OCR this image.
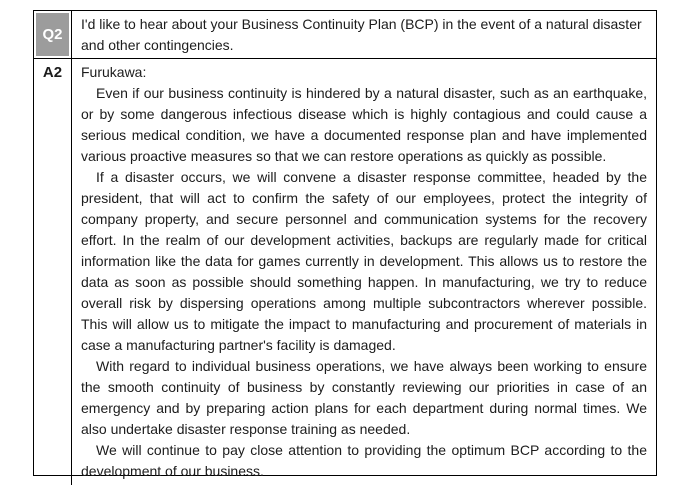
Q2

I'd like to hear about your Business Continuity Plan (BCP) in the event of a natural disaster and other contingencies.

A2	Furukawa:

Even if our business continuity is hindered by a natural disaster, such as an earthquake, or by some dangerous infectious disease which is highly contagious and could cause a serious medical condition, we have a documented response plan and have implemented various proactive measures so that we can restore operations as quickly as possible.

If a disaster occurs, we will convene a disaster response committee, headed by the president, that will act to confirm the safety of our employees, protect the integrity of company property, and secure personnel and communication systems for the recovery effort. In the realm of our development activities, backups are regularly made for critical information like the data for games currently in development. This allows us to restore the data as soon as possible should something happen. In manufacturing, we try to reduce overall risk by dispersing operations among multiple subcontractors wherever possible. This will allow us to mitigate the impact to manufacturing and procurement of materials in case a manufacturing partner's facility is damaged.

With regard to individual business operations, we have always been working to ensure the smooth continuity of business by constantly reviewing our priorities in case of an emergency and by preparing action plans for each department during normal times. We also undertake disaster response training as needed.

We will continue to pay close attention to providing the optimum BCP according to the development of our business.
